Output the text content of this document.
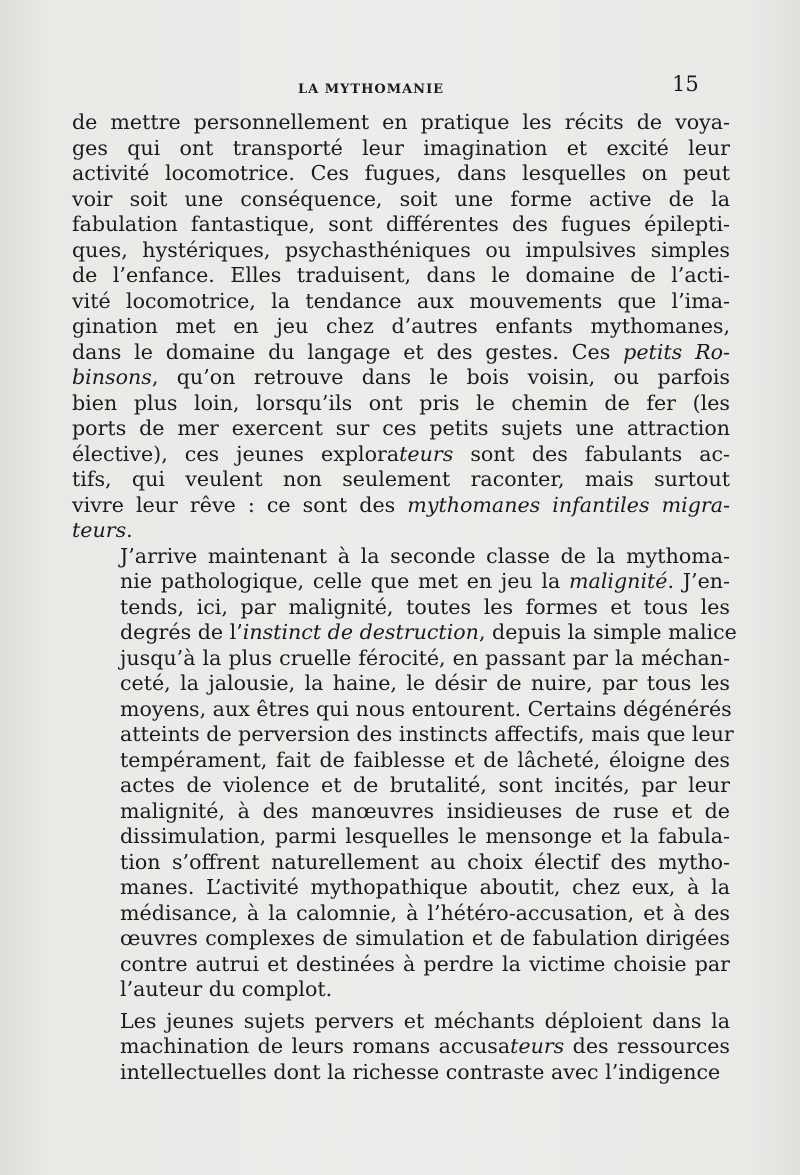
LA MYTHOMANIE	15

de mettre personnellement en pratique les récits de voya-
ges qui ont transporté leur imagination et excité leur
activité locomotrice. Ces fugues, dans lesquelles on peut
voir soit une conséquence, soit une forme active de la
fabulation fantastique, sont différentes des fugues épilepti-
ques, hystériques, psychasthéniques ou impulsives simples
de l’enfance. Elles traduisent, dans le domaine de l’acti-
vité locomotrice, la tendance aux mouvements que l’ima-
gination met en jeu chez d’autres enfants mythomanes,
dans le domaine du langage et des gestes. Ces petits Ro-
binsons, qu’on retrouve dans le bois voisin, ou parfois
bien plus loin, lorsqu’ils ont pris le chemin de fer (les
ports de mer exercent sur ces petits sujets une attraction
élective), ces jeunes explorateurs sont des fabulants ac-
tifs, qui veulent non seulement raconter, mais surtout
vivre leur rêve : ce sont des mythomanes infantiles migra-
teurs.

J’arrive maintenant à la seconde classe de la mythoma-
nie pathologique, celle que met en jeu la malignité. J’en-
tends, ici, par malignité, toutes les formes et tous les
degrés de l’instinct de destruction, depuis la simple malice
jusqu’à la plus cruelle férocité, en passant par la méchan-
ceté, la jalousie, la haine, le désir de nuire, par tous les
moyens, aux êtres qui nous entourent. Certains dégénérés
atteints de perversion des instincts affectifs, mais que leur
tempérament, fait de faiblesse et de lâcheté, éloigne des
actes de violence et de brutalité, sont incités, par leur
malignité, à des manœuvres insidieuses de ruse et de
dissimulation, parmi lesquelles le mensonge et la fabula-
tion s’offrent naturellement au choix électif des mytho-
manes. L’activité mythopathique aboutit, chez eux, à la
médisance, à la calomnie, à l’hétéro-accusation, et à des
œuvres complexes de simulation et de fabulation dirigées
contre autrui et destinées à perdre la victime choisie par
l’auteur du complot.

Les jeunes sujets pervers et méchants déploient dans la
machination de leurs romans accusateurs des ressources
intellectuelles dont la richesse contraste avec l’indigence
